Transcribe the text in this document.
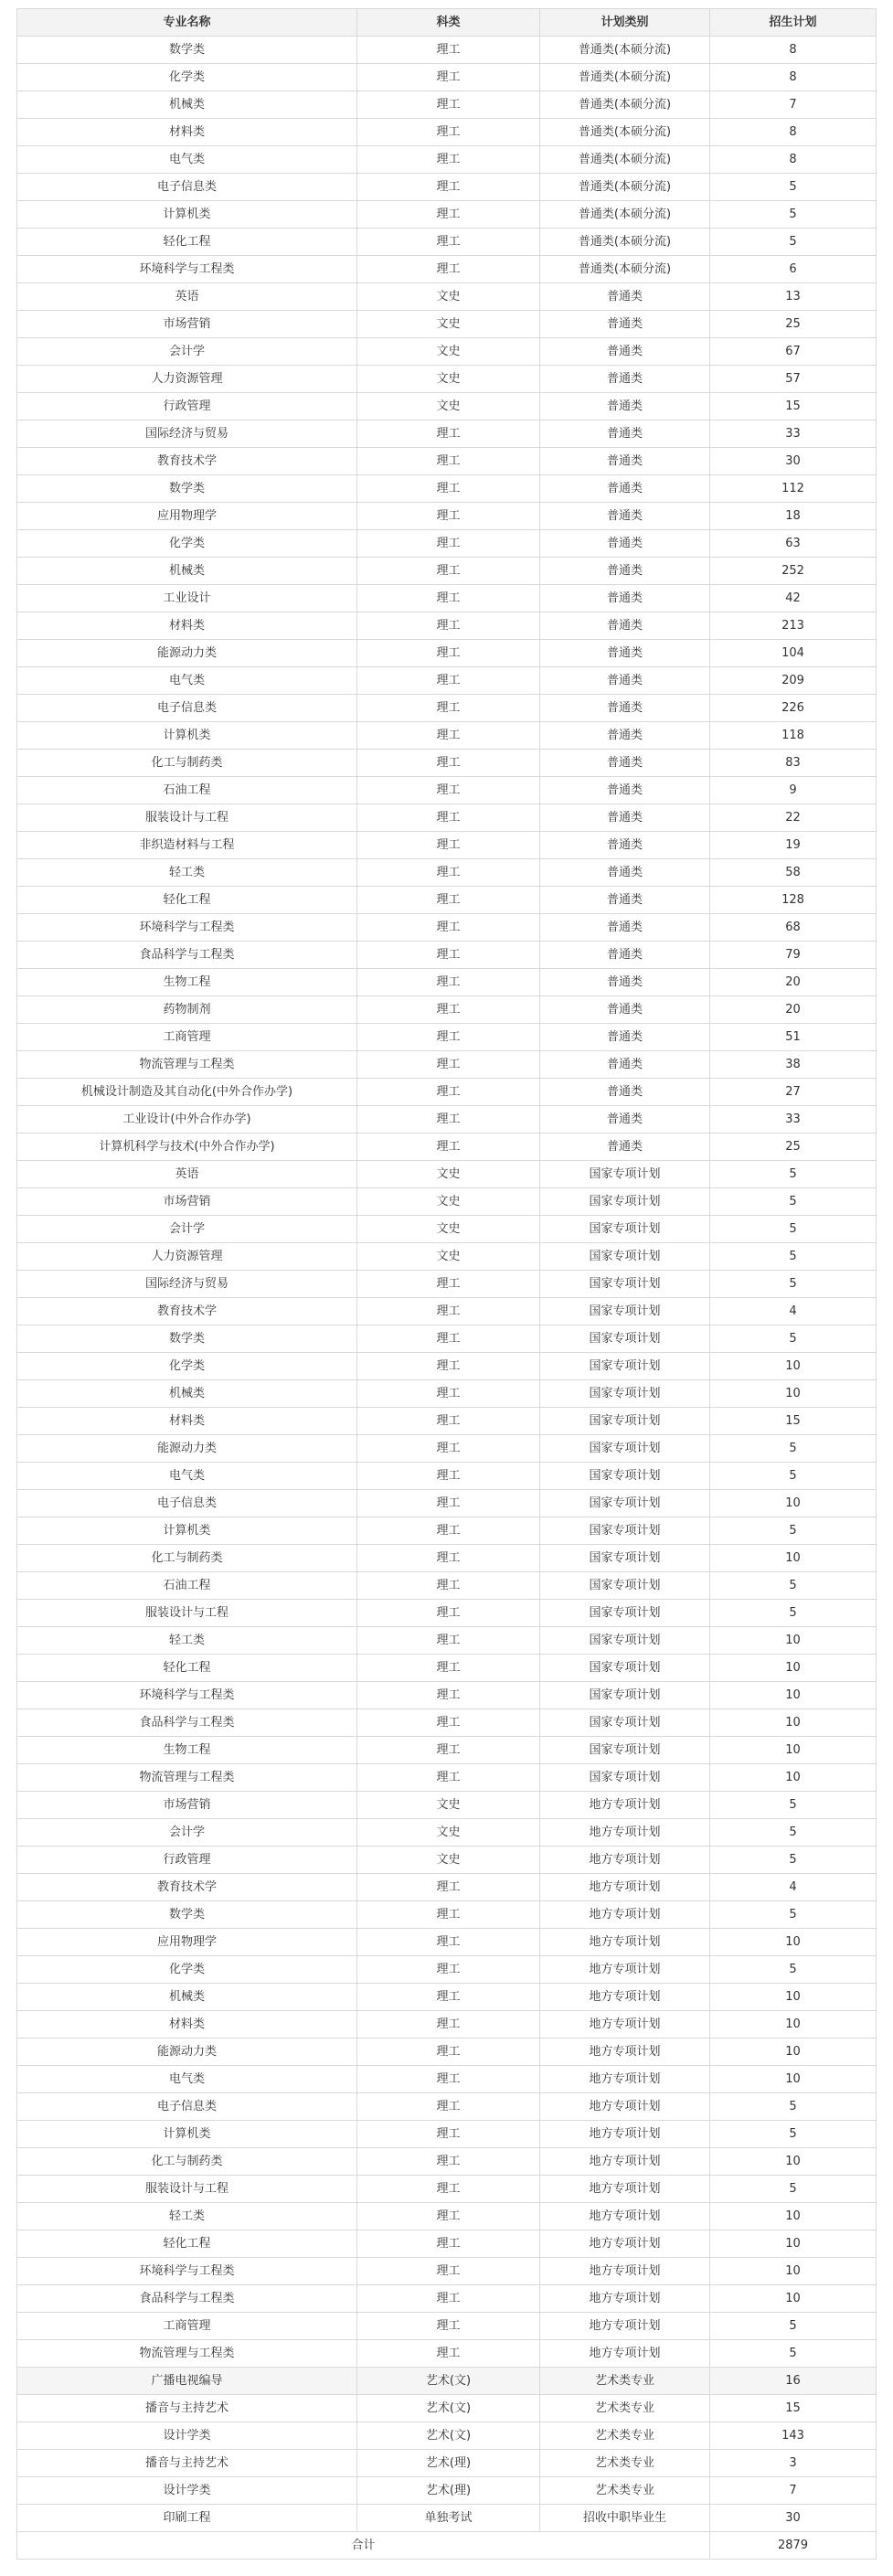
专业名称	科类	计划类别	招生计划
数学类	理工	普通类(本硕分流)	8
化学类	理工	普通类(本硕分流)	8
机械类	理工	普通类(本硕分流)	7
材料类	理工	普通类(本硕分流)	8
电气类	理工	普通类(本硕分流)	8
电子信息类	理工	普通类(本硕分流)	5
计算机类	理工	普通类(本硕分流)	5
轻化工程	理工	普通类(本硕分流)	5
环境科学与工程类	理工	普通类(本硕分流)	6
英语	文史	普通类	13
市场营销	文史	普通类	25
会计学	文史	普通类	67
人力资源管理	文史	普通类	57
行政管理	文史	普通类	15
国际经济与贸易	理工	普通类	33
教育技术学	理工	普通类	30
数学类	理工	普通类	112
应用物理学	理工	普通类	18
化学类	理工	普通类	63
机械类	理工	普通类	252
工业设计	理工	普通类	42
材料类	理工	普通类	213
能源动力类	理工	普通类	104
电气类	理工	普通类	209
电子信息类	理工	普通类	226
计算机类	理工	普通类	118
化工与制药类	理工	普通类	83
石油工程	理工	普通类	9
服装设计与工程	理工	普通类	22
非织造材料与工程	理工	普通类	19
轻工类	理工	普通类	58
轻化工程	理工	普通类	128
环境科学与工程类	理工	普通类	68
食品科学与工程类	理工	普通类	79
生物工程	理工	普通类	20
药物制剂	理工	普通类	20
工商管理	理工	普通类	51
物流管理与工程类	理工	普通类	38
机械设计制造及其自动化(中外合作办学)	理工	普通类	27
工业设计(中外合作办学)	理工	普通类	33
计算机科学与技术(中外合作办学)	理工	普通类	25
英语	文史	国家专项计划	5
市场营销	文史	国家专项计划	5
会计学	文史	国家专项计划	5
人力资源管理	文史	国家专项计划	5
国际经济与贸易	理工	国家专项计划	5
教育技术学	理工	国家专项计划	4
数学类	理工	国家专项计划	5
化学类	理工	国家专项计划	10
机械类	理工	国家专项计划	10
材料类	理工	国家专项计划	15
能源动力类	理工	国家专项计划	5
电气类	理工	国家专项计划	5
电子信息类	理工	国家专项计划	10
计算机类	理工	国家专项计划	5
化工与制药类	理工	国家专项计划	10
石油工程	理工	国家专项计划	5
服装设计与工程	理工	国家专项计划	5
轻工类	理工	国家专项计划	10
轻化工程	理工	国家专项计划	10
环境科学与工程类	理工	国家专项计划	10
食品科学与工程类	理工	国家专项计划	10
生物工程	理工	国家专项计划	10
物流管理与工程类	理工	国家专项计划	10
市场营销	文史	地方专项计划	5
会计学	文史	地方专项计划	5
行政管理	文史	地方专项计划	5
教育技术学	理工	地方专项计划	4
数学类	理工	地方专项计划	5
应用物理学	理工	地方专项计划	10
化学类	理工	地方专项计划	5
机械类	理工	地方专项计划	10
材料类	理工	地方专项计划	10
能源动力类	理工	地方专项计划	10
电气类	理工	地方专项计划	10
电子信息类	理工	地方专项计划	5
计算机类	理工	地方专项计划	5
化工与制药类	理工	地方专项计划	10
服装设计与工程	理工	地方专项计划	5
轻工类	理工	地方专项计划	10
轻化工程	理工	地方专项计划	10
环境科学与工程类	理工	地方专项计划	10
食品科学与工程类	理工	地方专项计划	10
工商管理	理工	地方专项计划	5
物流管理与工程类	理工	地方专项计划	5
广播电视编导	艺术(文)	艺术类专业	16
播音与主持艺术	艺术(文)	艺术类专业	15
设计学类	艺术(文)	艺术类专业	143
播音与主持艺术	艺术(理)	艺术类专业	3
设计学类	艺术(理)	艺术类专业	7
印刷工程	单独考试	招收中职毕业生	30
合计			2879
